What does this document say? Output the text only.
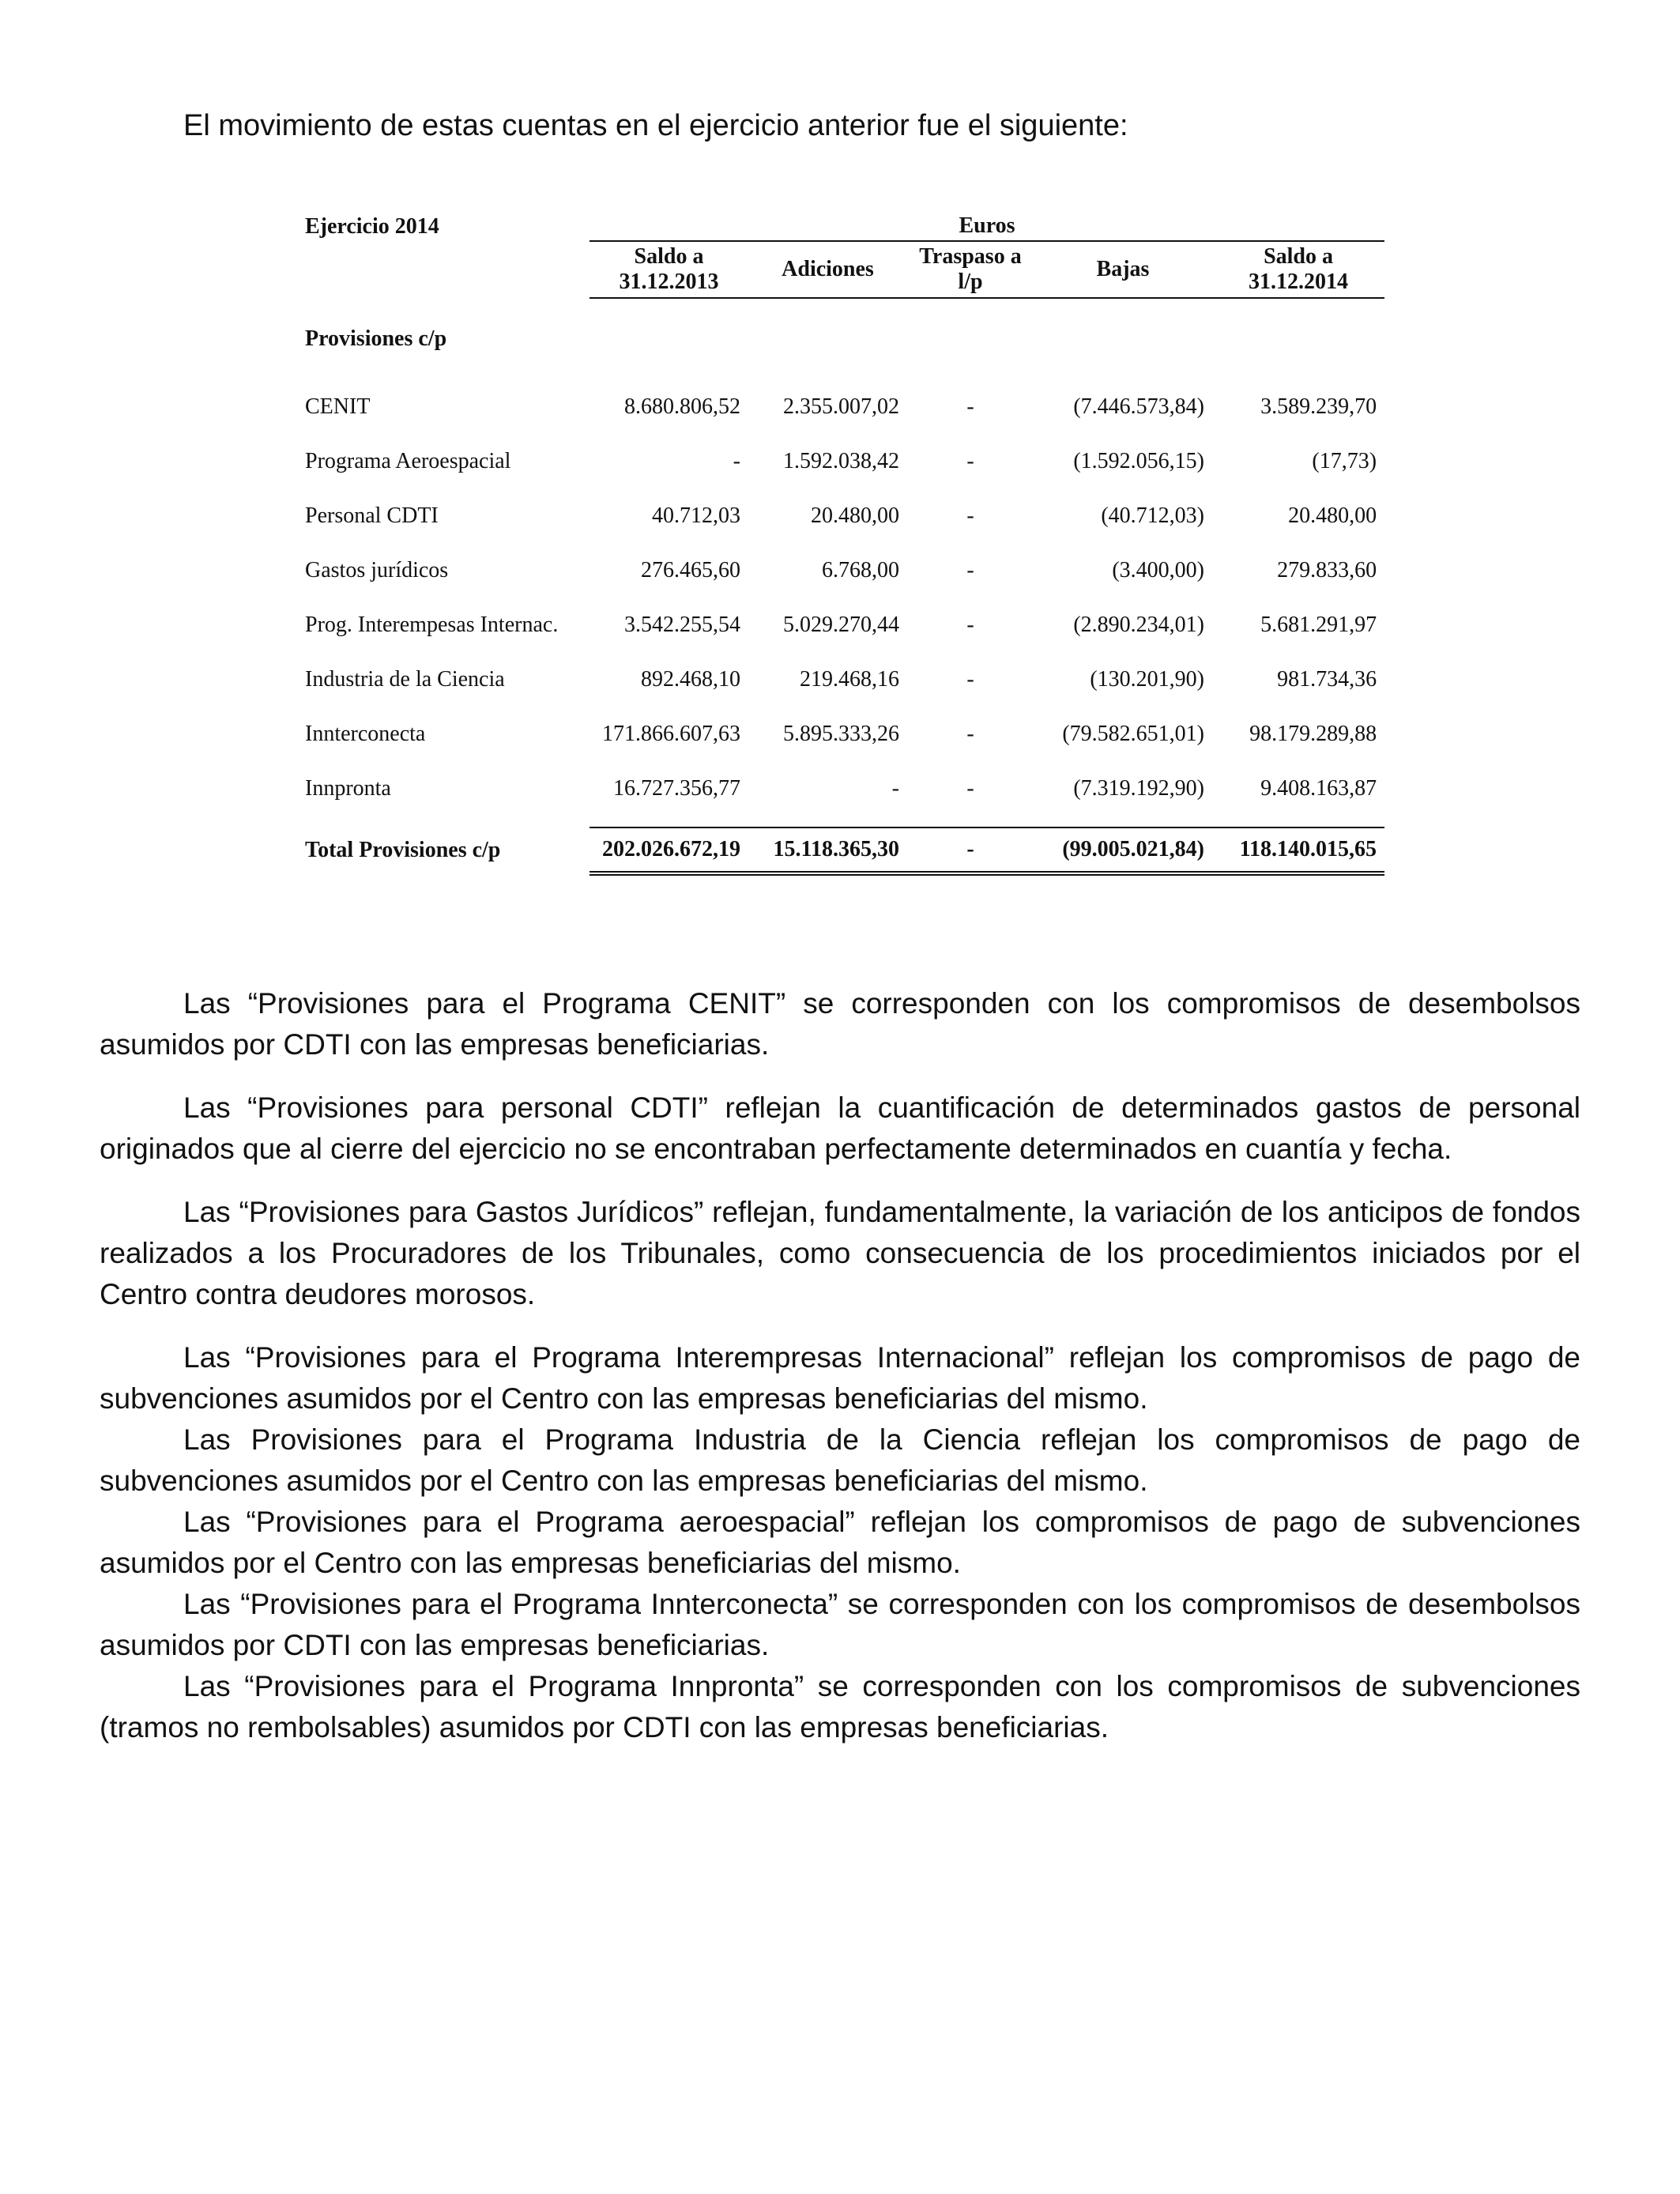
El movimiento de estas cuentas en el ejercicio anterior fue el siguiente:

Ejercicio 2014	Euros				
	Saldo a 31.12.2013	Adiciones	Traspaso a l/p	Bajas	Saldo a 31.12.2014
Provisiones c/p					
CENIT	8.680.806,52	2.355.007,02	-	(7.446.573,84)	3.589.239,70
Programa Aeroespacial	-	1.592.038,42	-	(1.592.056,15)	(17,73)
Personal CDTI	40.712,03	20.480,00	-	(40.712,03)	20.480,00
Gastos jurídicos	276.465,60	6.768,00	-	(3.400,00)	279.833,60
Prog. Interempesas Internac.	3.542.255,54	5.029.270,44	-	(2.890.234,01)	5.681.291,97
Industria de la Ciencia	892.468,10	219.468,16	-	(130.201,90)	981.734,36
Innterconecta	171.866.607,63	5.895.333,26	-	(79.582.651,01)	98.179.289,88
Innpronta	16.727.356,77	-	-	(7.319.192,90)	9.408.163,87

Total Provisiones c/p	202.026.672,19	15.118.365,30	-	(99.005.021,84)	118.140.015,65

Las “Provisiones para el Programa CENIT” se corresponden con los compromisos de desembolsos asumidos por CDTI con las empresas beneficiarias.

Las “Provisiones para personal CDTI” reflejan la cuantificación de determinados gastos de personal originados que al cierre del ejercicio no se encontraban perfectamente determinados en cuantía y fecha.

Las “Provisiones para Gastos Jurídicos” reflejan, fundamentalmente, la variación de los anticipos de fondos realizados a los Procuradores de los Tribunales, como consecuencia de los procedimientos iniciados por el Centro contra deudores morosos.

Las “Provisiones para el Programa Interempresas Internacional” reflejan los compromisos de pago de subvenciones asumidos por el Centro con las empresas beneficiarias del mismo.

Las Provisiones para el Programa Industria de la Ciencia reflejan los compromisos de pago de subvenciones asumidos por el Centro con las empresas beneficiarias del mismo.

Las “Provisiones para el Programa aeroespacial” reflejan los compromisos de pago de subvenciones asumidos por el Centro con las empresas beneficiarias del mismo.

Las “Provisiones para el Programa Innterconecta” se corresponden con los compromisos de desembolsos asumidos por CDTI con las empresas beneficiarias.

Las “Provisiones para el Programa Innpronta” se corresponden con los compromisos de subvenciones (tramos no rembolsables) asumidos por CDTI con las empresas beneficiarias.
